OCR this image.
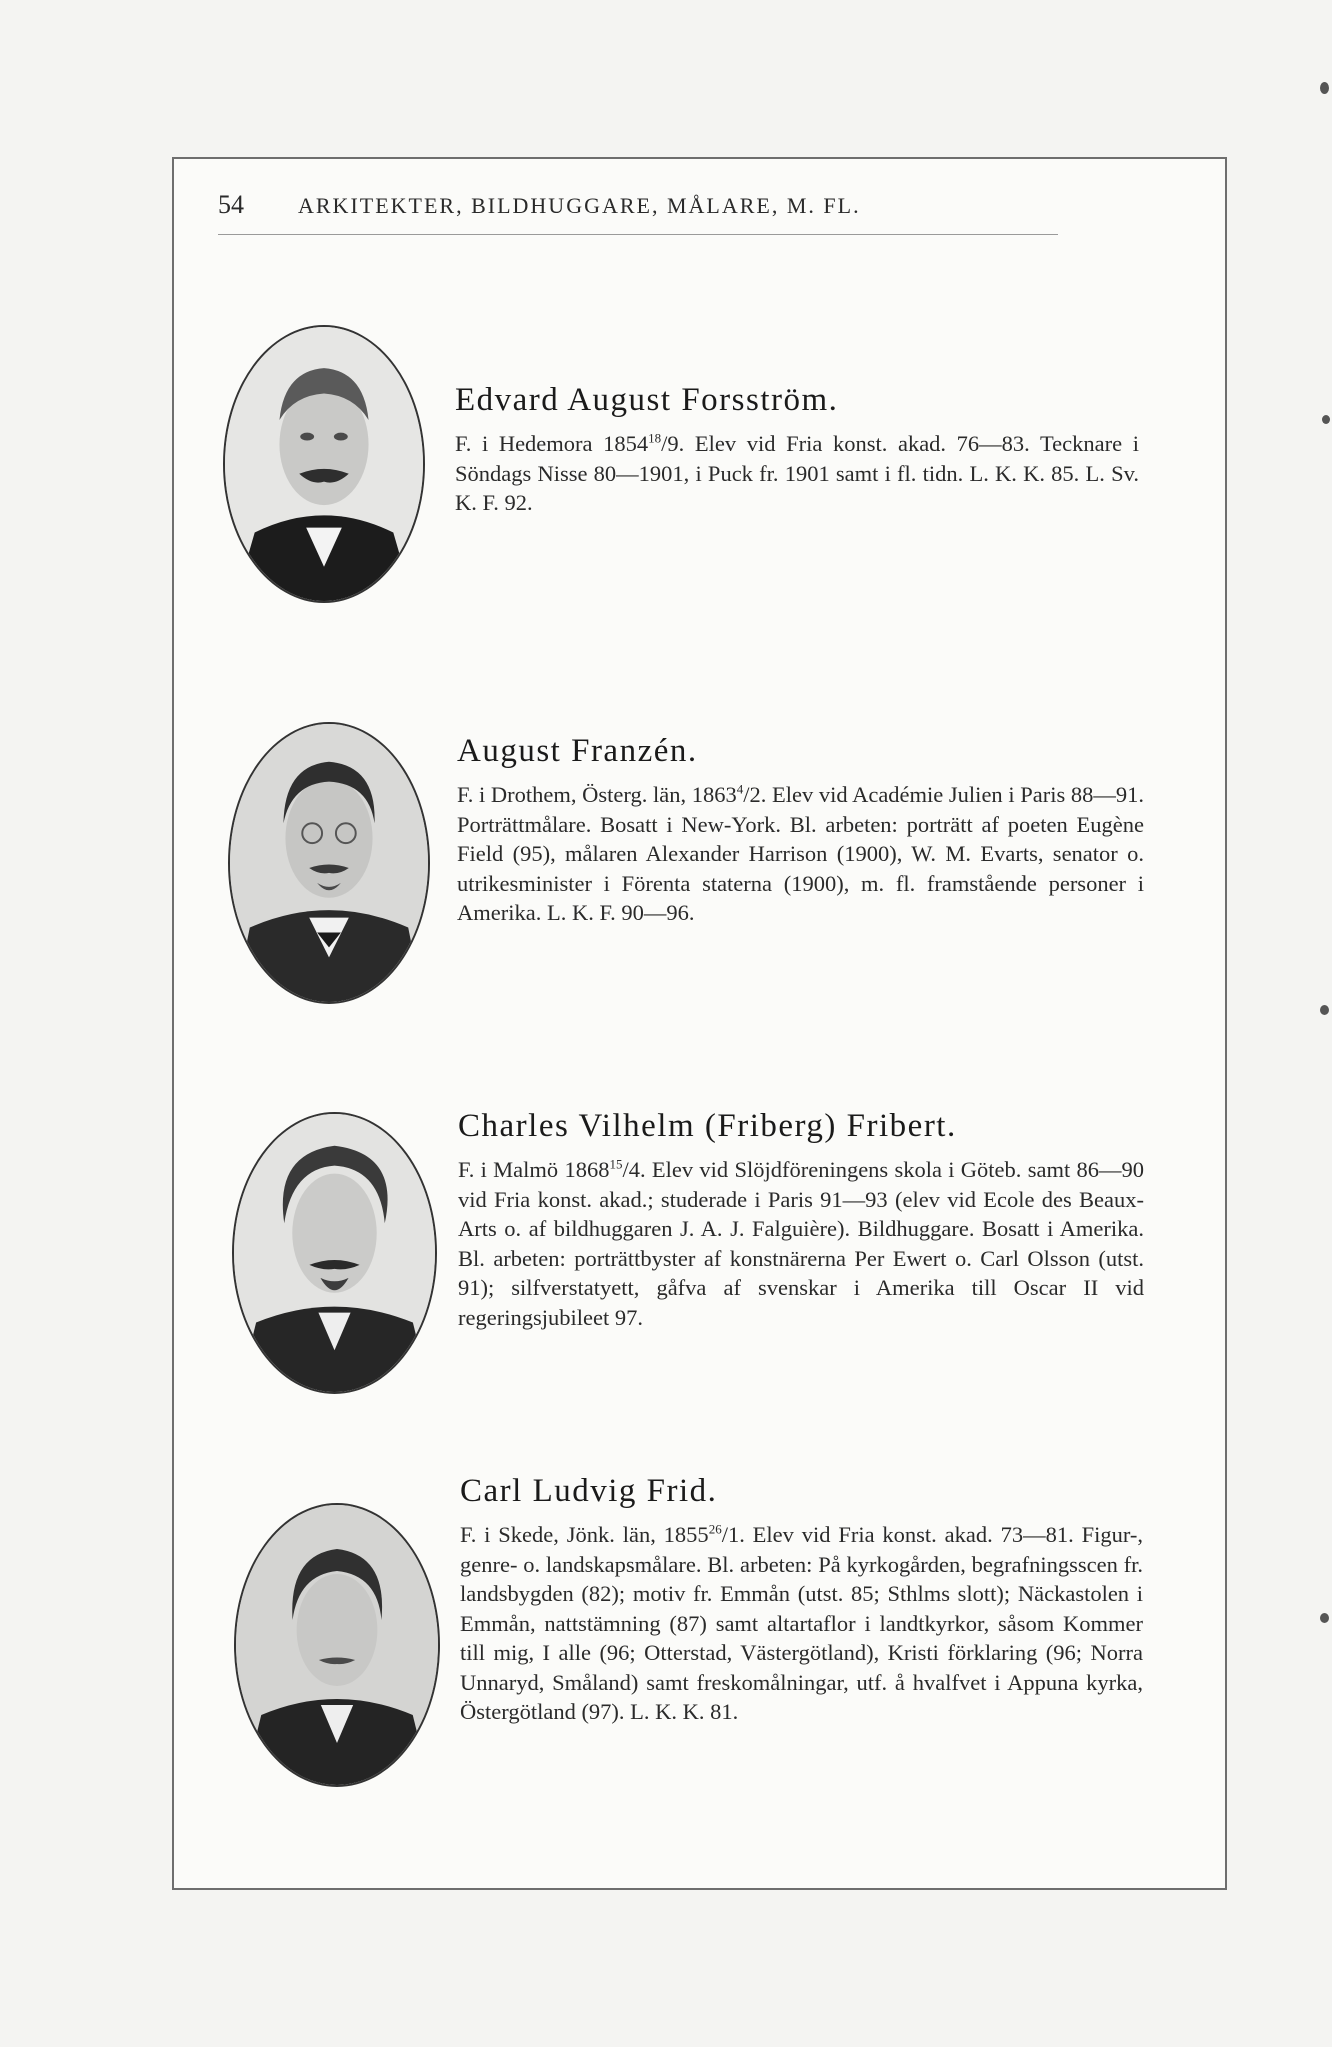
54 ARKITEKTER, BILDHUGGARE, MÅLARE, M. FL.
Edvard August Forsström.

F. i Hedemora 1854$^{18}$/9. Elev vid Fria konst. akad. 76—83. Tecknare i Söndags Nisse 80—1901, i Puck fr. 1901 samt i fl. tidn. L. K. K. 85. L. Sv. K. F. 92.

August Franzén.

F. i Drothem, Österg. län, 1863$^4$/2. Elev vid Académie Julien i Paris 88—91. Porträttmålare. Bosatt i New-York. Bl. arbeten: porträtt af poeten Eugène Field (95), målaren Alexander Harrison (1900), W. M. Evarts, senator o. utrikesminister i Förenta staterna (1900), m. fl. framstående personer i Amerika. L. K. F. 90—96.

Charles Vilhelm (Friberg) Fribert.

F. i Malmö 1868$^{15}$/4. Elev vid Slöjdföreningens skola i Göteb. samt 86—90 vid Fria konst. akad.; studerade i Paris 91—93 (elev vid Ecole des Beaux-Arts o. af bildhuggaren J. A. J. Falguière). Bildhuggare. Bosatt i Amerika. Bl. arbeten: porträttbyster af konstnärerna Per Ewert o. Carl Olsson (utst. 91); silfverstatyett, gåfva af svenskar i Amerika till Oscar II vid regeringsjubileet 97.

Carl Ludvig Frid.

F. i Skede, Jönk. län, 1855$^{26}$/1. Elev vid Fria konst. akad. 73—81. Figur-, genre- o. landskapsmålare. Bl. arbeten: På kyrkogården, begrafningsscen fr. landsbygden (82); motiv fr. Emmån (utst. 85; Sthlms slott); Näckastolen i Emmån, nattstämning (87) samt altartaflor i landtkyrkor, såsom Kommer till mig, I alle (96; Otterstad, Västergötland), Kristi förklaring (96; Norra Unnaryd, Småland) samt freskomålningar, utf. å hvalfvet i Appuna kyrka, Östergötland (97). L. K. K. 81.
